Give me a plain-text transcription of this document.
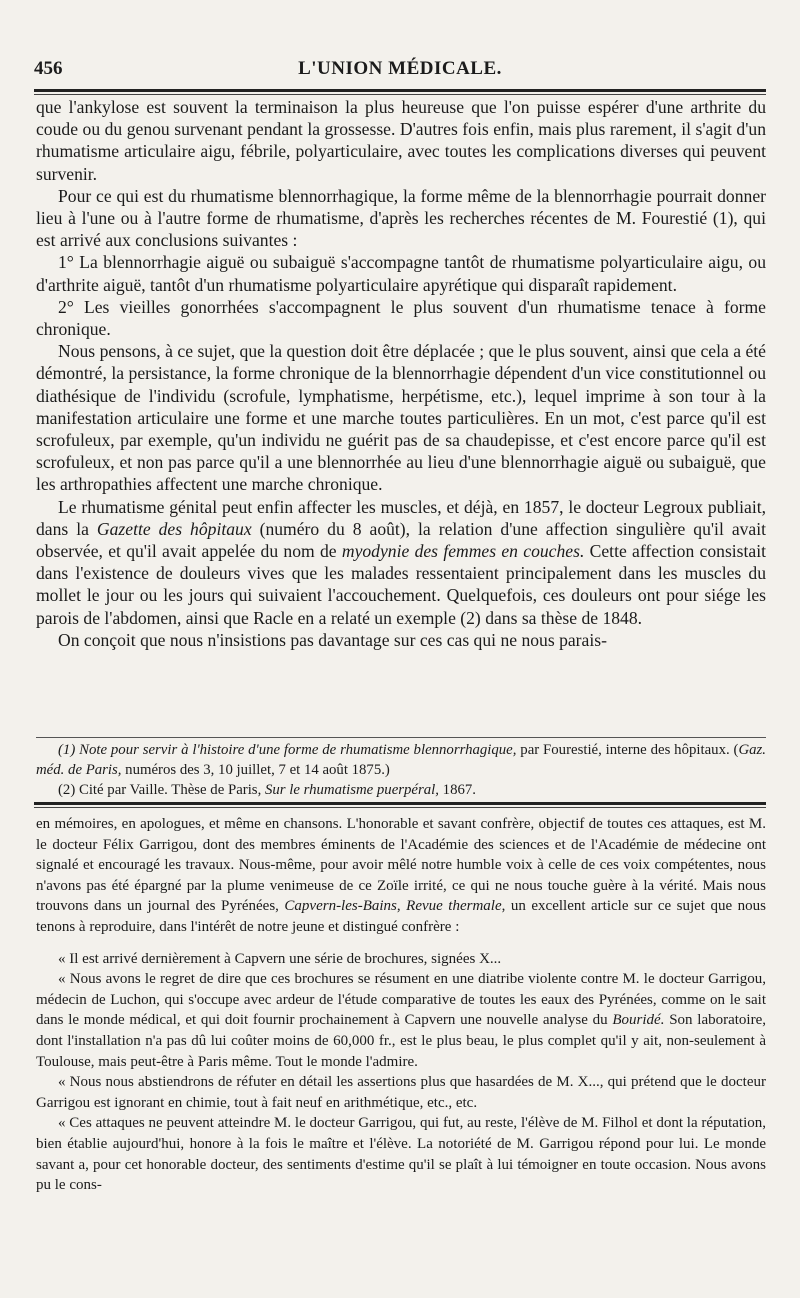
456	L'UNION MÉDICALE.

que l'ankylose est souvent la terminaison la plus heureuse que l'on puisse espérer d'une arthrite du coude ou du genou survenant pendant la grossesse. D'autres fois enfin, mais plus rarement, il s'agit d'un rhumatisme articulaire aigu, fébrile, polyarticulaire, avec toutes les complications diverses qui peuvent survenir.

Pour ce qui est du rhumatisme blennorrhagique, la forme même de la blennorrhagie pourrait donner lieu à l'une ou à l'autre forme de rhumatisme, d'après les recherches récentes de M. Fourestié (1), qui est arrivé aux conclusions suivantes :

1° La blennorrhagie aiguë ou subaiguë s'accompagne tantôt de rhumatisme polyarticulaire aigu, ou d'arthrite aiguë, tantôt d'un rhumatisme polyarticulaire apyrétique qui disparaît rapidement.

2° Les vieilles gonorrhées s'accompagnent le plus souvent d'un rhumatisme tenace à forme chronique.

Nous pensons, à ce sujet, que la question doit être déplacée ; que le plus souvent, ainsi que cela a été démontré, la persistance, la forme chronique de la blennorrhagie dépendent d'un vice constitutionnel ou diathésique de l'individu (scrofule, lymphatisme, herpétisme, etc.), lequel imprime à son tour à la manifestation articulaire une forme et une marche toutes particulières. En un mot, c'est parce qu'il est scrofuleux, par exemple, qu'un individu ne guérit pas de sa chaudepisse, et c'est encore parce qu'il est scrofuleux, et non pas parce qu'il a une blennorrhée au lieu d'une blennorrhagie aiguë ou subaiguë, que les arthropathies affectent une marche chronique.

Le rhumatisme génital peut enfin affecter les muscles, et déjà, en 1857, le docteur Legroux publiait, dans la Gazette des hôpitaux (numéro du 8 août), la relation d'une affection singulière qu'il avait observée, et qu'il avait appelée du nom de myodynie des femmes en couches. Cette affection consistait dans l'existence de douleurs vives que les malades ressentaient principalement dans les muscles du mollet le jour ou les jours qui suivaient l'accouchement. Quelquefois, ces douleurs ont pour siége les parois de l'abdomen, ainsi que Racle en a relaté un exemple (2) dans sa thèse de 1848.

On conçoit que nous n'insistions pas davantage sur ces cas qui ne nous parais-

(1) Note pour servir à l'histoire d'une forme de rhumatisme blennorrhagique, par Fourestié, interne des hôpitaux. (Gaz. méd. de Paris, numéros des 3, 10 juillet, 7 et 14 août 1875.)

(2) Cité par Vaille. Thèse de Paris, Sur le rhumatisme puerpéral, 1867.

en mémoires, en apologues, et même en chansons. L'honorable et savant confrère, objectif de toutes ces attaques, est M. le docteur Félix Garrigou, dont des membres éminents de l'Académie des sciences et de l'Académie de médecine ont signalé et encouragé les travaux. Nous-même, pour avoir mêlé notre humble voix à celle de ces voix compétentes, nous n'avons pas été épargné par la plume venimeuse de ce Zoïle irrité, ce qui ne nous touche guère à la vérité. Mais nous trouvons dans un journal des Pyrénées, Capvern-les-Bains, Revue thermale, un excellent article sur ce sujet que nous tenons à reproduire, dans l'intérêt de notre jeune et distingué confrère :

« Il est arrivé dernièrement à Capvern une série de brochures, signées X...

« Nous avons le regret de dire que ces brochures se résument en une diatribe violente contre M. le docteur Garrigou, médecin de Luchon, qui s'occupe avec ardeur de l'étude comparative de toutes les eaux des Pyrénées, comme on le sait dans le monde médical, et qui doit fournir prochainement à Capvern une nouvelle analyse du Bouridé. Son laboratoire, dont l'installation n'a pas dû lui coûter moins de 60,000 fr., est le plus beau, le plus complet qu'il y ait, non-seulement à Toulouse, mais peut-être à Paris même. Tout le monde l'admire.

« Nous nous abstiendrons de réfuter en détail les assertions plus que hasardées de M. X..., qui prétend que le docteur Garrigou est ignorant en chimie, tout à fait neuf en arithmétique, etc., etc.

« Ces attaques ne peuvent atteindre M. le docteur Garrigou, qui fut, au reste, l'élève de M. Filhol et dont la réputation, bien établie aujourd'hui, honore à la fois le maître et l'élève. La notoriété de M. Garrigou répond pour lui. Le monde savant a, pour cet honorable docteur, des sentiments d'estime qu'il se plaît à lui témoigner en toute occasion. Nous avons pu le cons-
